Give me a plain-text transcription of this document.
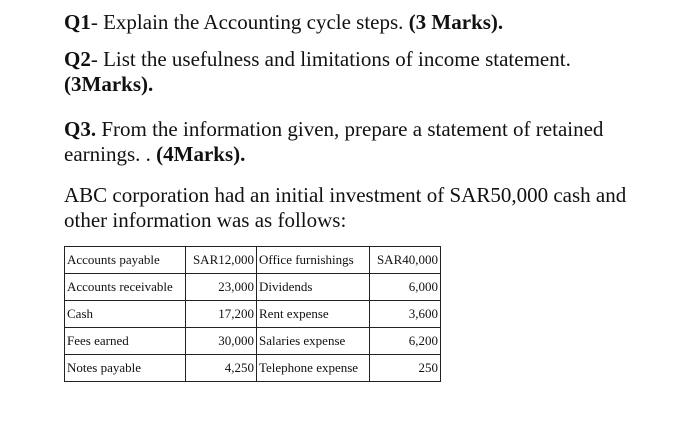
Q1- Explain the Accounting cycle steps. (3 Marks).

Q2- List the usefulness and limitations of income statement.
(3Marks).

Q3. From the information given, prepare a statement of retained
earnings. . (4Marks).

ABC corporation had an initial investment of SAR50,000 cash and
other information was as follows:

Accounts payable	SAR12,000	Office furnishings	SAR40,000
Accounts receivable	23,000	Dividends	6,000
Cash	17,200	Rent expense	3,600
Fees earned	30,000	Salaries expense	6,200
Notes payable	4,250	Telephone expense	250
